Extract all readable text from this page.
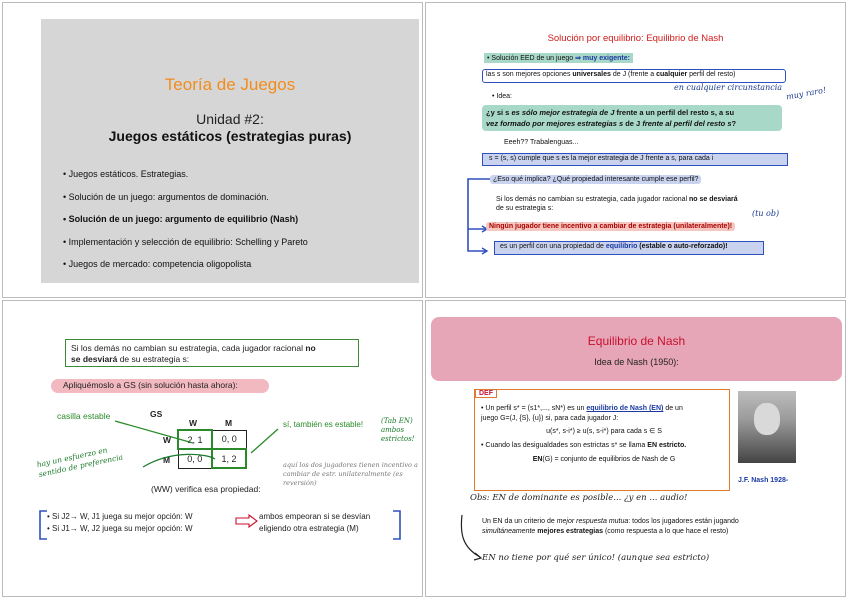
Teoría de Juegos
Unidad #2:
Juegos estáticos (estrategias puras)
• Juegos estáticos. Estrategias.
• Solución de un juego: argumentos de dominación.
• Solución de un juego: argumento de equilibrio (Nash)
• Implementación y selección de equilibrio: Schelling y Pareto
• Juegos de mercado: competencia oligopolista
Solución por equilibrio: Equilibrio de Nash
• Solución EED de un juego ⇒ muy exigente:
las s son mejores opciones universales de J (frente a cualquier perfil del resto)
en cualquier circunstancia muy raro!
• Idea:
¿y si s es sólo mejor estrategia de J frente a un perfil del resto s, a su
vez formado por mejores estrategias s de J frente al perfil del resto s?
Eeeh?? Trabalenguas...
s = (s, s) cumple que s es la mejor estrategia de J frente a s, para cada i
¿Eso qué implica? ¿Qué propiedad interesante cumple ese perfil?
Si los demás no cambian su estrategia, cada jugador racional no se desviará
de su estrategia s:
(tu ob)
Ningún jugador tiene incentivo a cambiar de estrategia (unilateralmente)!
es un perfil con una propiedad de equilibrio (estable o auto-reforzado)!
Si los demás no cambian su estrategia, cada jugador racional no
se desviará de su estrategia s:
Apliquémoslo a GS (sin solución hasta ahora):
casilla estable	GS
W	M
W
M
2, 1	0, 0
0, 0	1, 2
sí, también es estable!	(Tab EN) ambos estrictos!
hay un esfuerzo en sentido de preferencia	aquí los dos jugadores tienen incentivo a cambiar de estr. unilateralmente (es reversión)
(WW) verifica esa propiedad:
• Si J2→ W, J1 juega su mejor opción: W
• Si J1→ W, J2 juega su mejor opción: W
ambos empeoran si se desvían
eligiendo otra estrategia (M)
Equilibrio de Nash
Idea de Nash (1950):
DEF
• Un perfil s* = (s1*,..., sN*) es un equilibrio de Nash (EN) de un
juego G=(J, {S}, {u}) si, para cada jugador J:
u(s*, s-i*) ≥ u(s, s-i*) para cada s ∈ S
• Cuando las desigualdades son estrictas s* se llama EN estricto.
EN(G) = conjunto de equilibrios de Nash de G
J.F. Nash 1928-
Obs: EN de dominante es posible... ¿y en ... audio!
Un EN da un criterio de mejor respuesta mutua: todos los jugadores están jugando
simultáneamente mejores estrategias (como respuesta a lo que hace el resto)
EN no tiene por qué ser único! (aunque sea estricto)
